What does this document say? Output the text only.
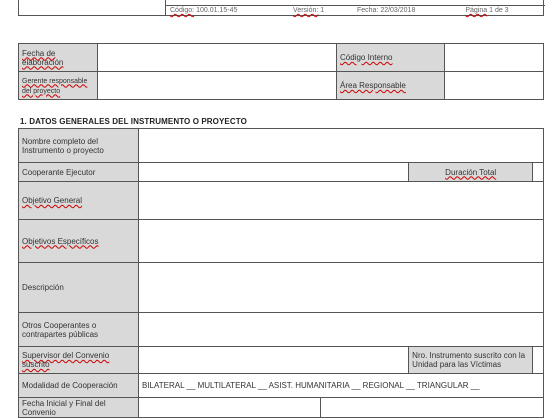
Código: 100.01.15-45	Versión: 1	Fecha: 22/03/2018	Página 1 de 3
Fecha de elaboración		Código Interno	
Gerente responsable del proyecto		Área Responsable	
1. DATOS GENERALES DEL INSTRUMENTO O PROYECTO
Nombre completo del Instrumento o proyecto				
Cooperante Ejecutor			Duración Total	
Objetivo General				
Objetivos Específicos				
Descripción				
Otros Cooperantes o contrapartes públicas				
Supervisor del Convenio suscrito			Nro. Instrumento suscrito con la Unidad para las Víctimas	
Modalidad de Cooperación	BILATERAL __ MULTILATERAL __ ASIST. HUMANITARIA __ REGIONAL __ TRIANGULAR __			
Fecha Inicial y Final del Convenio				
